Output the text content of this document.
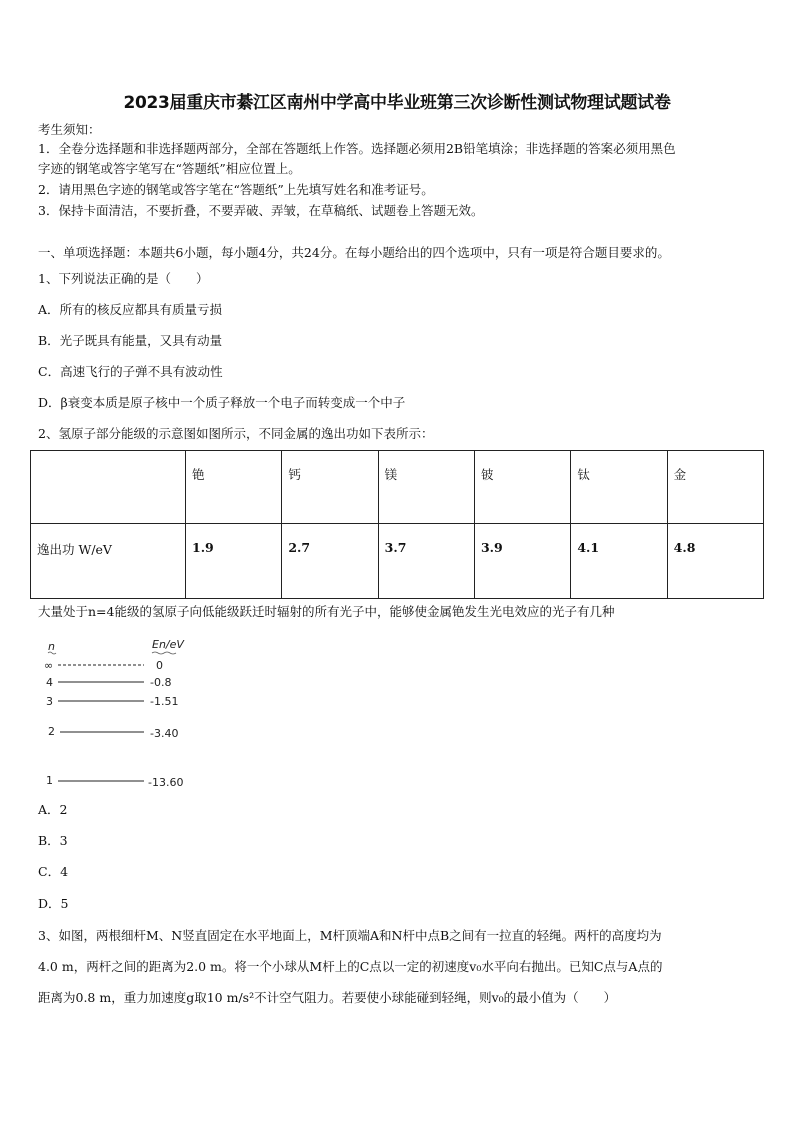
2023届重庆市綦江区南州中学高中毕业班第三次诊断性测试物理试题试卷
考生须知：
1．全卷分选择题和非选择题两部分，全部在答题纸上作答。选择题必须用2B铅笔填涂；非选择题的答案必须用黑色
字迹的钢笔或答字笔写在“答题纸”相应位置上。
2．请用黑色字迹的钢笔或答字笔在“答题纸”上先填写姓名和准考证号。
3．保持卡面清洁，不要折叠，不要弄破、弄皱，在草稿纸、试题卷上答题无效。
一、单项选择题：本题共6小题，每小题4分，共24分。在每小题给出的四个选项中，只有一项是符合题目要求的。
1、下列说法正确的是（　　）
A．所有的核反应都具有质量亏损
B．光子既具有能量，又具有动量
C．高速飞行的子弹不具有波动性
D．β衰变本质是原子核中一个质子释放一个电子而转变成一个中子
2、氢原子部分能级的示意图如图所示，不同金属的逸出功如下表所示：
	铯	钙	镁	铍	钛	金
逸出功 W/eV	1.9	2.7	3.7	3.9	4.1	4.8
大量处于n=4能级的氢原子向低能级跃迁时辐射的所有光子中，能够使金属铯发生光电效应的光子有几种
n	En/eV
∞	0
4	-0.8
3	-1.51
2	-3.40
1	-13.60
A．2
B．3
C．4
D．5
3、如图，两根细杆M、N竖直固定在水平地面上，M杆顶端A和N杆中点B之间有一拉直的轻绳。两杆的高度均为
4.0 m，两杆之间的距离为2.0 m。将一个小球从M杆上的C点以一定的初速度v₀水平向右抛出。已知C点与A点的
距离为0.8 m，重力加速度g取10 m/s²不计空气阻力。若要使小球能碰到轻绳，则v₀的最小值为（　　）
